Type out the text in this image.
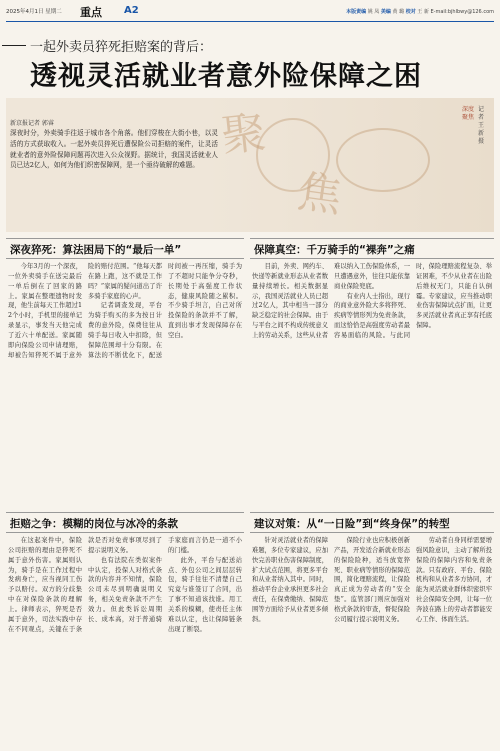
2025年4月1日 星期二 重点 A2	本版责编 姚 凤 美编 黄 璐 校对 王 新 E-mail:bjhlbwy@126.com
一起外卖员猝死拒赔案的背后：
透视灵活就业者意外险保障之困
聚
焦
深度聚焦
记者 王新 摄
新京报记者 郭睿
深夜时分，外卖骑手往返于城市各个角落。他们穿梭在大街小巷，以灵活的方式获取收入。一起外卖员猝死后遭保险公司拒赔的案件，让灵活就业者的意外险保障问题再次进入公众视野。据统计，我国灵活就业人员已达2亿人，如何为他们织密保障网，是一个亟待破解的难题。
深夜猝死：算法困局下的“最后一单”

今年3月的一个深夜，一位外卖骑手在送完最后一单后倒在了回家的路上。家属在整理遗物时发现，他生前每天工作超过12个小时，手机里的接单记录显示，事发当天他完成了近六十单配送。家属随即向保险公司申请理赔，却被告知猝死不属于意外险的赔付范围。“他每天都在路上跑，这不就是工作吗？”家属的疑问道出了许多骑手家庭的心声。

记者调查发现，平台为骑手购买的多为按日计费的意外险，保费往往从骑手每日收入中扣除，但保障范围却十分有限。在算法的不断优化下，配送时间被一再压缩，骑手为了不超时只能争分夺秒，长期处于高强度工作状态，健康风险随之累积。不少骑手坦言，自己对所投保险的条款并不了解，直到出事才发现保障存在空白。

保障真空：千万骑手的“裸奔”之痛

目前，外卖、网约车、快递等新就业形态从业者数量持续增长。相关数据显示，我国灵活就业人员已超过2亿人，其中相当一部分缺乏稳定的社会保障。由于与平台之间不构成传统意义上的劳动关系，这些从业者难以纳入工伤保险体系，一旦遭遇意外，往往只能依靠商业保险兜底。

有业内人士指出，现行的商业意外险大多将猝死、疾病等情形列为免责条款，而这恰恰是高强度劳动者最容易面临的风险。与此同时，保险理赔流程复杂、举证困难，不少从业者在出险后维权无门，只能自认倒霉。专家建议，应当推动职业伤害保障试点扩面，让更多灵活就业者真正享有托底保障。

拒赔之争：模糊的岗位与冰冷的条款

在这起案件中，保险公司拒赔的理由是猝死不属于意外伤害。家属则认为，骑手是在工作过程中发病身亡，应当视同工伤予以赔付。双方的分歧集中在对保险条款的理解上。律师表示，猝死是否属于意外，司法实践中存在不同观点，关键在于条款是否对免责事项尽到了提示说明义务。

也有法院在类似案件中认定，投保人对格式条款的内容并不知情，保险公司未尽到明确说明义务，相关免责条款不产生效力。但此类诉讼周期长、成本高，对于普通骑手家庭而言仍是一道不小的门槛。

此外，平台与配送站点、外包公司之间层层转包，骑手往往不清楚自己究竟与谁签订了合同，出了事不知道该找谁。用工关系的模糊，使责任主体难以认定，也让保障链条出现了断裂。

建议对策：从“一日险”到“终身保”的转型

针对灵活就业者的保障难题，多位专家建议，应加快完善职业伤害保障制度，扩大试点范围，将更多平台和从业者纳入其中。同时，推动平台企业承担更多社会责任，在保费缴纳、保障范围等方面给予从业者更多倾斜。

保险行业也应积极创新产品，开发适合新就业形态的保险险种，适当放宽猝死、职业病等情形的保障范围，简化理赔流程，让保险真正成为劳动者的“安全垫”。监管部门则应加强对格式条款的审查，督促保险公司履行提示说明义务。

劳动者自身同样需要增强风险意识，主动了解所投保险的保障内容和免责条款。只有政府、平台、保险机构和从业者多方协同，才能为灵活就业群体织密织牢社会保障安全网，让每一位奔波在路上的劳动者都能安心工作、体面生活。
